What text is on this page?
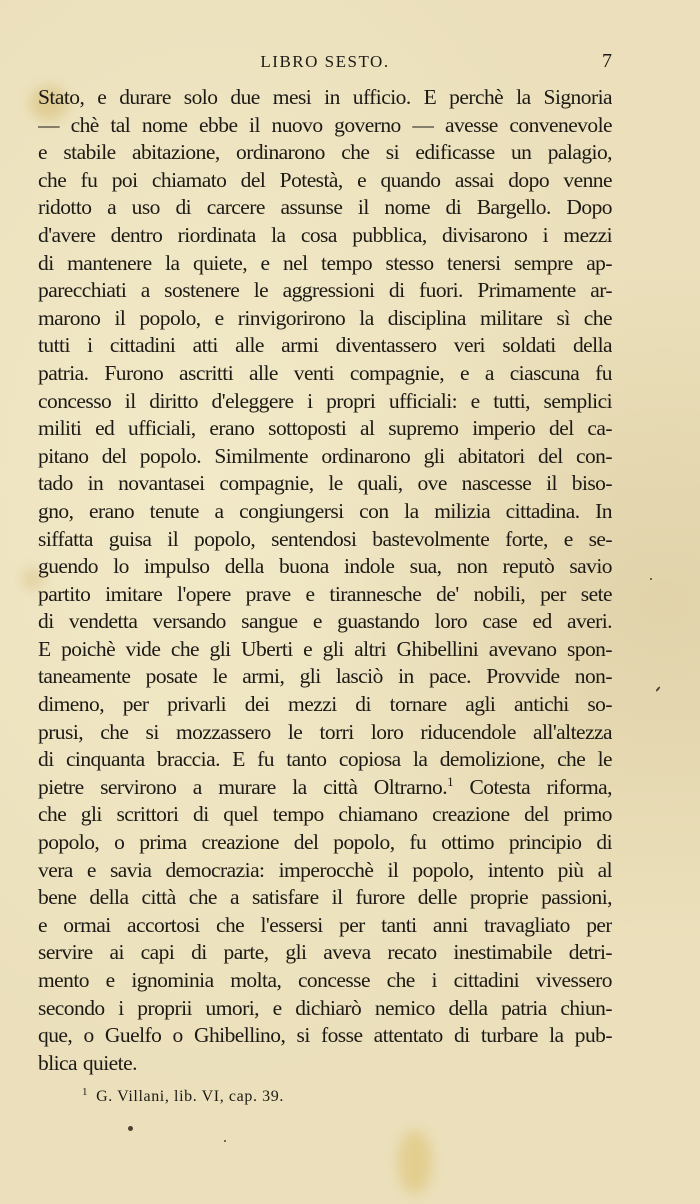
LIBRO SESTO.	7
Stato, e durare solo due mesi in ufficio. E perchè la Signoria
— chè tal nome ebbe il nuovo governo — avesse convenevole
e stabile abitazione, ordinarono che si edificasse un palagio,
che fu poi chiamato del Potestà, e quando assai dopo venne
ridotto a uso di carcere assunse il nome di Bargello. Dopo
d'avere dentro riordinata la cosa pubblica, divisarono i mezzi
di mantenere la quiete, e nel tempo stesso tenersi sempre ap-
parecchiati a sostenere le aggressioni di fuori. Primamente ar-
marono il popolo, e rinvigorirono la disciplina militare sì che
tutti i cittadini atti alle armi diventassero veri soldati della
patria. Furono ascritti alle venti compagnie, e a ciascuna fu
concesso il diritto d'eleggere i propri ufficiali: e tutti, semplici
militi ed ufficiali, erano sottoposti al supremo imperio del ca-
pitano del popolo. Similmente ordinarono gli abitatori del con-
tado in novantasei compagnie, le quali, ove nascesse il biso-
gno, erano tenute a congiungersi con la milizia cittadina. In
siffatta guisa il popolo, sentendosi bastevolmente forte, e se-
guendo lo impulso della buona indole sua, non reputò savio
partito imitare l'opere prave e tirannesche de' nobili, per sete
di vendetta versando sangue e guastando loro case ed averi.
E poichè vide che gli Uberti e gli altri Ghibellini avevano spon-
taneamente posate le armi, gli lasciò in pace. Provvide non-
dimeno, per privarli dei mezzi di tornare agli antichi so-
prusi, che si mozzassero le torri loro riducendole all'altezza
di cinquanta braccia. E fu tanto copiosa la demolizione, che le
pietre servirono a murare la città Oltrarno.$^1$ Cotesta riforma,
che gli scrittori di quel tempo chiamano creazione del primo
popolo, o prima creazione del popolo, fu ottimo principio di
vera e savia democrazia: imperocchè il popolo, intento più al
bene della città che a satisfare il furore delle proprie passioni,
e ormai accortosi che l'essersi per tanti anni travagliato per
servire ai capi di parte, gli aveva recato inestimabile detri-
mento e ignominia molta, concesse che i cittadini vivessero
secondo i proprii umori, e dichiarò nemico della patria chiun-
que, o Guelfo o Ghibellino, si fosse attentato di turbare la pub-
blica quiete.
$^1$ G. Villani, lib. VI, cap. 39.
